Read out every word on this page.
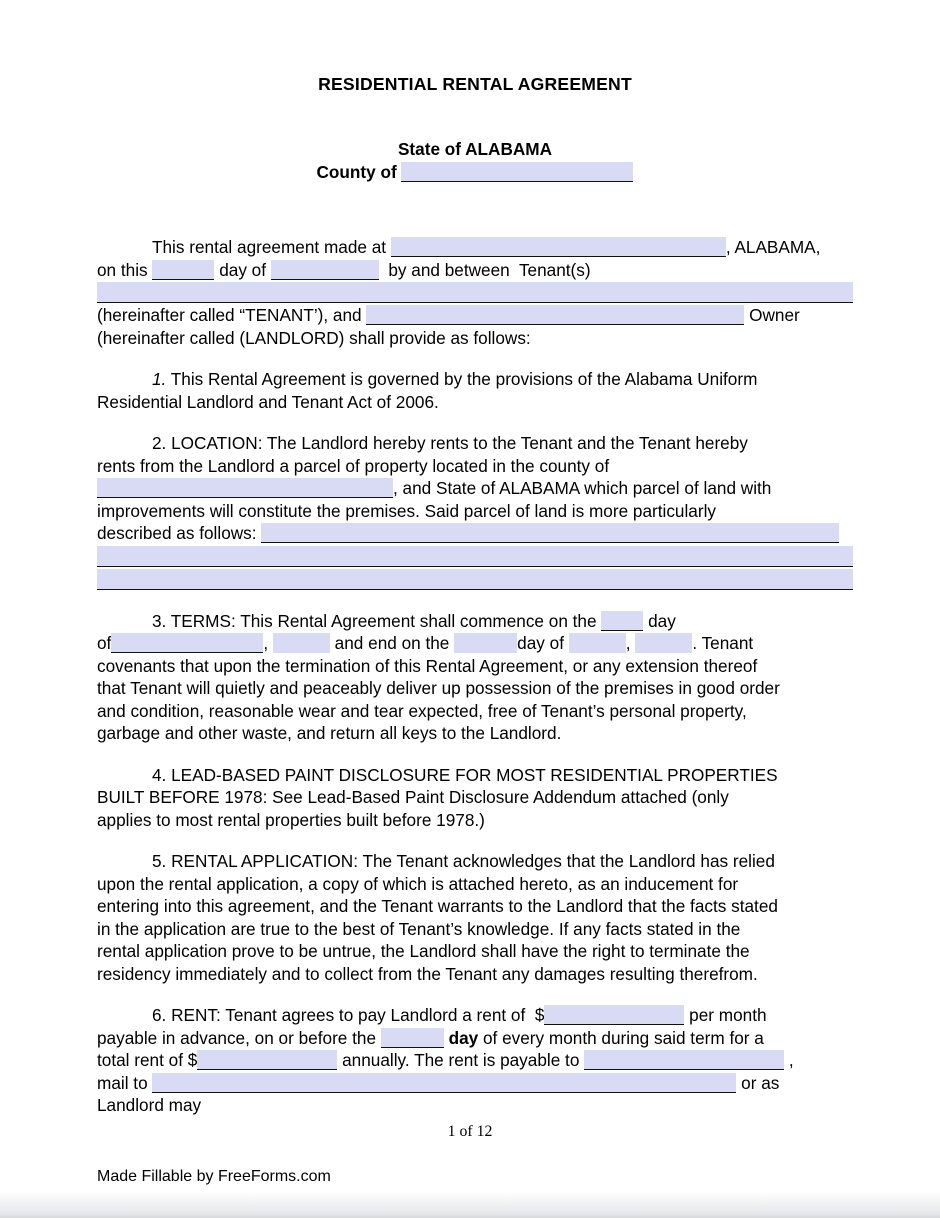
RESIDENTIAL RENTAL AGREEMENT
State of ALABAMA
County of
This rental agreement made at	, ALABAMA,
on this	day of	by and between  Tenant(s)
(hereinafter called “TENANT’), and	Owner
(hereinafter called (LANDLORD) shall provide as follows:
1. This Rental Agreement is governed by the provisions of the Alabama Uniform
Residential Landlord and Tenant Act of 2006.
2. LOCATION: The Landlord hereby rents to the Tenant and the Tenant hereby
rents from the Landlord a parcel of property located in the county of
, and State of ALABAMA which parcel of land with
improvements will constitute the premises. Said parcel of land is more particularly
described as follows:
3. TERMS: This Rental Agreement shall commence on the  day
of	,	and end on the	day of	,	. Tenant
covenants that upon the termination of this Rental Agreement, or any extension thereof
that Tenant will quietly and peaceably deliver up possession of the premises in good order
and condition, reasonable wear and tear expected, free of Tenant’s personal property,
garbage and other waste, and return all keys to the Landlord.
4. LEAD-BASED PAINT DISCLOSURE FOR MOST RESIDENTIAL PROPERTIES
BUILT BEFORE 1978: See Lead-Based Paint Disclosure Addendum attached (only
applies to most rental properties built before 1978.)
5. RENTAL APPLICATION: The Tenant acknowledges that the Landlord has relied
upon the rental application, a copy of which is attached hereto, as an inducement for
entering into this agreement, and the Tenant warrants to the Landlord that the facts stated
in the application are true to the best of Tenant’s knowledge. If any facts stated in the
rental application prove to be untrue, the Landlord shall have the right to terminate the
residency immediately and to collect from the Tenant any damages resulting therefrom.
6. RENT: Tenant agrees to pay Landlord a rent of  $	per month
payable in advance, on or before the	day of every month during said term for a
total rent of $	annually. The rent is payable to	,
mail to	or as
Landlord may
1 of 12
Made Fillable by FreeForms.com
